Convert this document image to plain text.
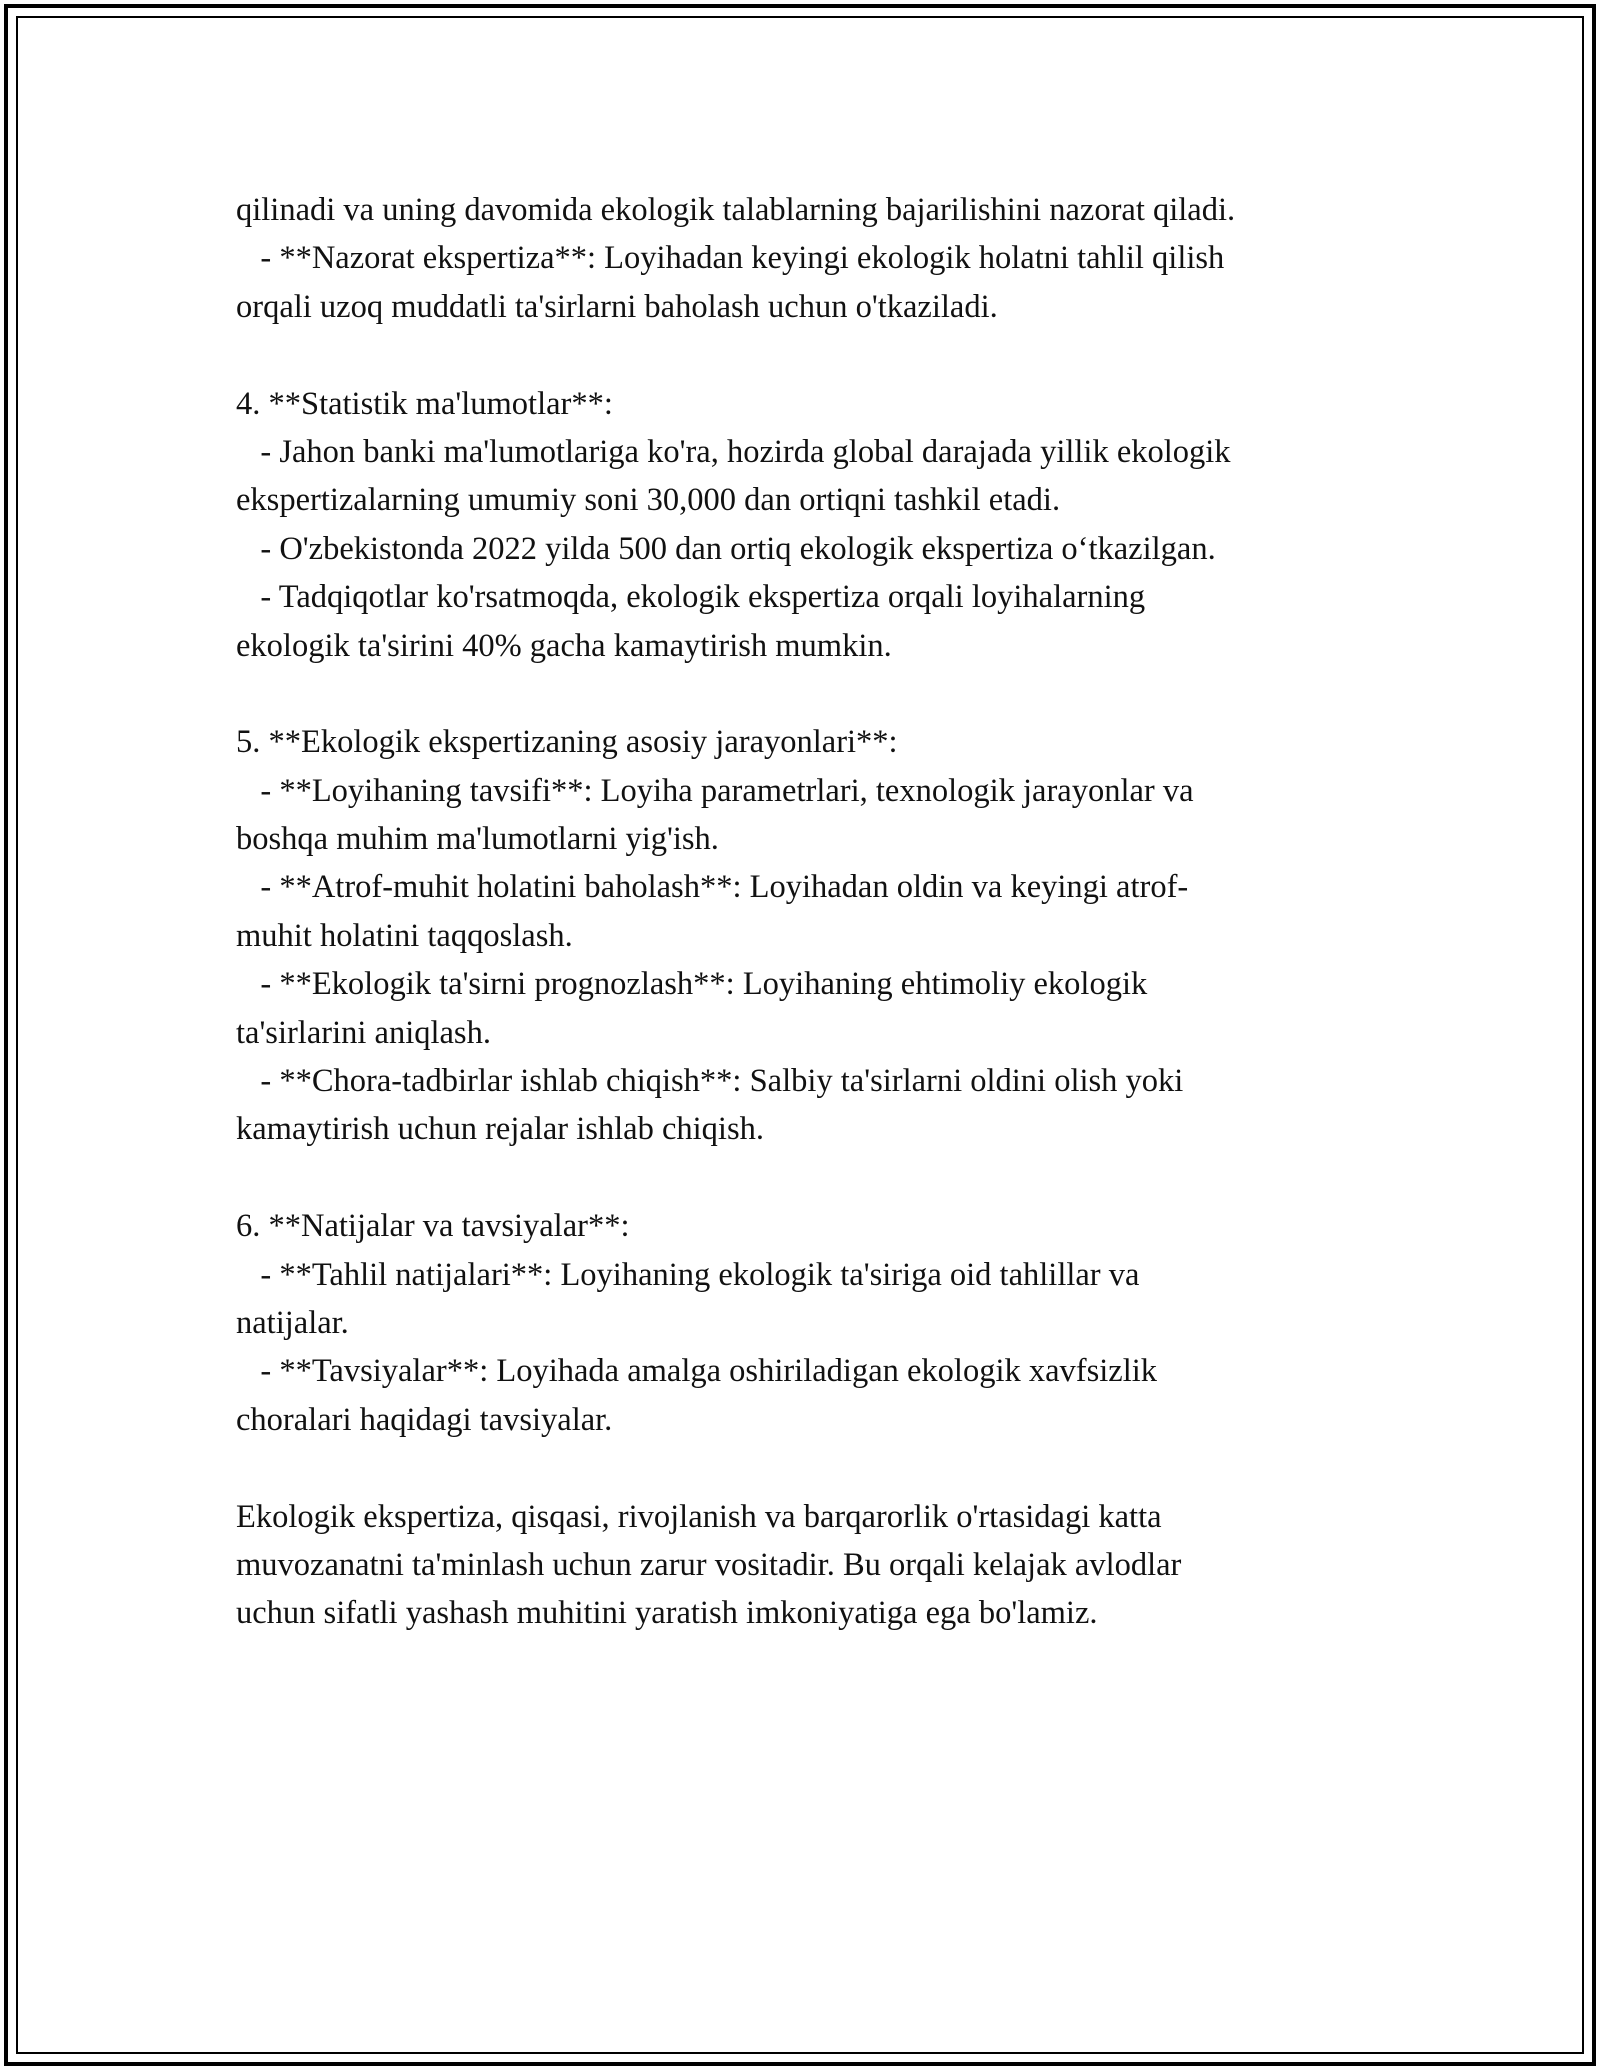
qilinadi va uning davomida ekologik talablarning bajarilishini nazorat qiladi.
- **Nazorat ekspertiza**: Loyihadan keyingi ekologik holatni tahlil qilish
orqali uzoq muddatli ta'sirlarni baholash uchun o'tkaziladi.
4. **Statistik ma'lumotlar**:
- Jahon banki ma'lumotlariga ko'ra, hozirda global darajada yillik ekologik
ekspertizalarning umumiy soni 30,000 dan ortiqni tashkil etadi.
- O'zbekistonda 2022 yilda 500 dan ortiq ekologik ekspertiza o‘tkazilgan.
- Tadqiqotlar ko'rsatmoqda, ekologik ekspertiza orqali loyihalarning
ekologik ta'sirini 40% gacha kamaytirish mumkin.
5. **Ekologik ekspertizaning asosiy jarayonlari**:
- **Loyihaning tavsifi**: Loyiha parametrlari, texnologik jarayonlar va
boshqa muhim ma'lumotlarni yig'ish.
- **Atrof-muhit holatini baholash**: Loyihadan oldin va keyingi atrof-
muhit holatini taqqoslash.
- **Ekologik ta'sirni prognozlash**: Loyihaning ehtimoliy ekologik
ta'sirlarini aniqlash.
- **Chora-tadbirlar ishlab chiqish**: Salbiy ta'sirlarni oldini olish yoki
kamaytirish uchun rejalar ishlab chiqish.
6. **Natijalar va tavsiyalar**:
- **Tahlil natijalari**: Loyihaning ekologik ta'siriga oid tahlillar va
natijalar.
- **Tavsiyalar**: Loyihada amalga oshiriladigan ekologik xavfsizlik
choralari haqidagi tavsiyalar.
Ekologik ekspertiza, qisqasi, rivojlanish va barqarorlik o'rtasidagi katta
muvozanatni ta'minlash uchun zarur vositadir. Bu orqali kelajak avlodlar
uchun sifatli yashash muhitini yaratish imkoniyatiga ega bo'lamiz.
